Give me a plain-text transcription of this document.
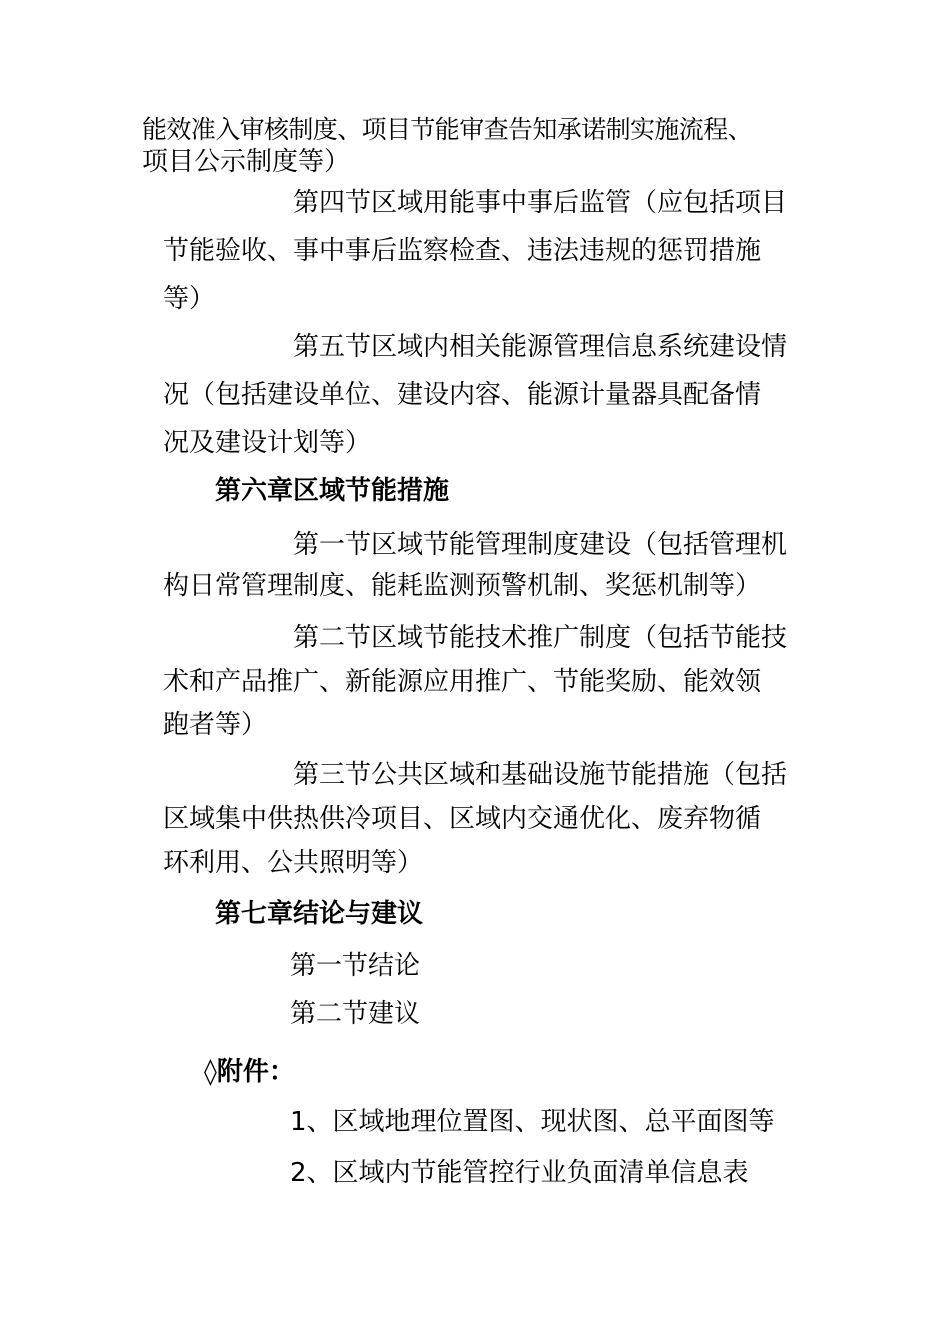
能效准入审核制度、项目节能审查告知承诺制实施流程、
项目公示制度等）
第四节区域用能事中事后监管（应包括项目
节能验收、事中事后监察检查、违法违规的惩罚措施
等）
第五节区域内相关能源管理信息系统建设情
况（包括建设单位、建设内容、能源计量器具配备情
况及建设计划等）
第六章区域节能措施
第一节区域节能管理制度建设（包括管理机
构日常管理制度、能耗监测预警机制、奖惩机制等）
第二节区域节能技术推广制度（包括节能技
术和产品推广、新能源应用推广、节能奖励、能效领
跑者等）
第三节公共区域和基础设施节能措施（包括
区域集中供热供冷项目、区域内交通优化、废弃物循
环利用、公共照明等）
第七章结论与建议
第一节结论
第二节建议
◊附件：
1、区域地理位置图、现状图、总平面图等
2、区域内节能管控行业负面清单信息表
